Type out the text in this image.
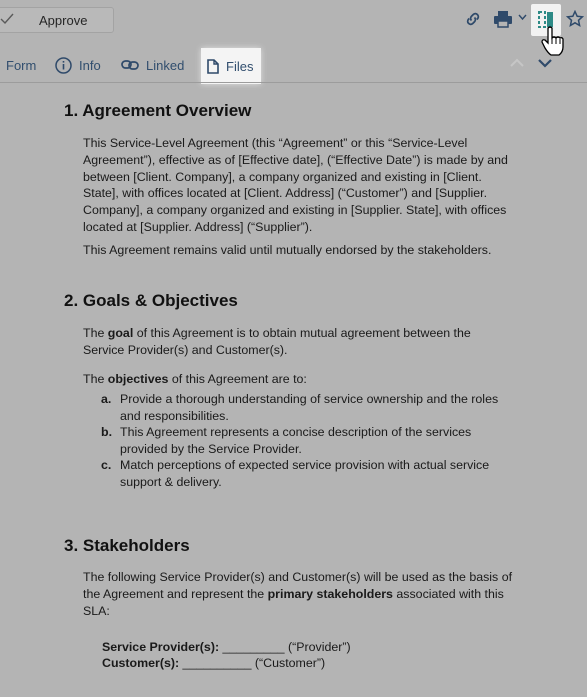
Approve
Form	Info	Linked	Files
1. Agreement Overview
This Service-Level Agreement (this “Agreement” or this “Service-Level Agreement”), effective as of [Effective date], (“Effective Date”) is made by and between [Client. Company], a company organized and existing in [Client. State], with offices located at [Client. Address] (“Customer”) and [Supplier. Company], a company organized and existing in [Supplier. State], with offices located at [Supplier. Address] (“Supplier”).
This Agreement remains valid until mutually endorsed by the stakeholders.
2. Goals & Objectives
The goal of this Agreement is to obtain mutual agreement between the Service Provider(s) and Customer(s).
The objectives of this Agreement are to:
a. Provide a thorough understanding of service ownership and the roles and responsibilities.
b. This Agreement represents a concise description of the services provided by the Service Provider.
c. Match perceptions of expected service provision with actual service support & delivery.
3. Stakeholders
The following Service Provider(s) and Customer(s) will be used as the basis of the Agreement and represent the primary stakeholders associated with this SLA:
Service Provider(s): _________ (“Provider”)
Customer(s): __________ (“Customer”)
